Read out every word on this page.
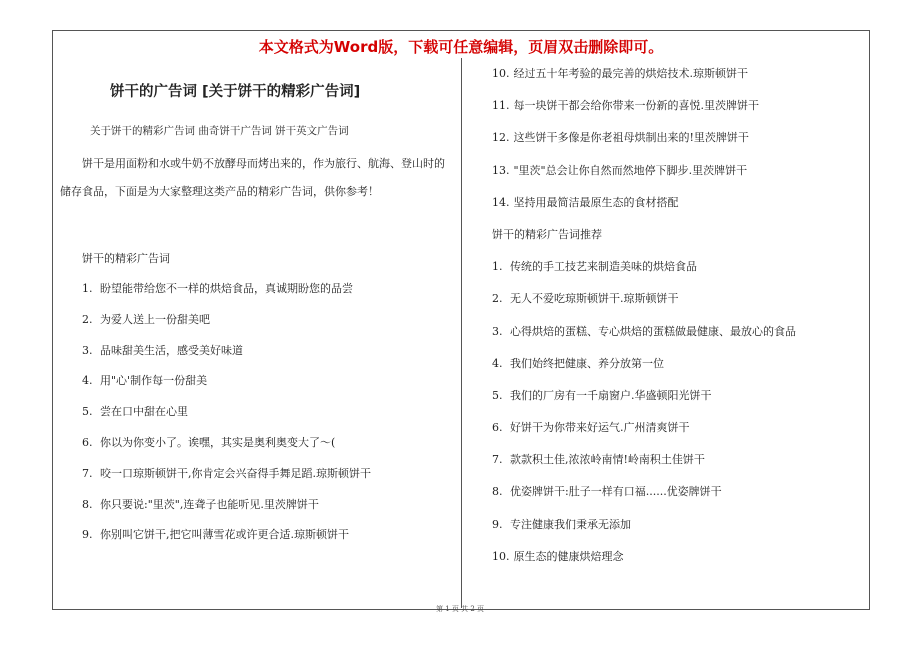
本文格式为Word版，下载可任意编辑，页眉双击删除即可。
饼干的广告词 [关于饼干的精彩广告词]
关于饼干的精彩广告词 曲奇饼干广告词 饼干英文广告词
饼干是用面粉和水或牛奶不放酵母而烤出来的，作为旅行、航海、登山时的储存食品，下面是为大家整理这类产品的精彩广告词，供你参考！
饼干的精彩广告词
1. 盼望能带给您不一样的烘焙食品，真诚期盼您的品尝
2. 为爱人送上一份甜美吧
3. 品味甜美生活，感受美好味道
4. 用"心'制作每一份甜美
5. 尝在口中甜在心里
6. 你以为你变小了。诶嘿，其实是奥利奥变大了～(
7. 咬一口琼斯顿饼干,你肯定会兴奋得手舞足蹈.琼斯顿饼干
8. 你只要说:"里茨",连聋子也能听见.里茨牌饼干
9. 你别叫它饼干,把它叫薄雪花或许更合适.琼斯顿饼干
10. 经过五十年考验的最完善的烘焙技术.琼斯顿饼干
11. 每一块饼干都会给你带来一份新的喜悦.里茨牌饼干
12. 这些饼干多像是你老祖母烘制出来的!里茨牌饼干
13. "里茨"总会让你自然而然地停下脚步.里茨牌饼干
14. 坚持用最简洁最原生态的食材搭配
饼干的精彩广告词推荐
1. 传统的手工技艺来制造美味的烘焙食品
2. 无人不爱吃琼斯顿饼干.琼斯顿饼干
3. 心得烘焙的蛋糕、专心烘焙的蛋糕做最健康、最放心的食品
4. 我们始终把健康、养分放第一位
5. 我们的厂房有一千扇窗户.华盛顿阳光饼干
6. 好饼干为你带来好运气.广州清爽饼干
7. 款款积土佳,浓浓岭南情!岭南积土佳饼干
8. 优姿牌饼干:肚子一样有口福......优姿牌饼干
9. 专注健康我们秉承无添加
10. 原生态的健康烘焙理念
第 1 页 共 2 页
